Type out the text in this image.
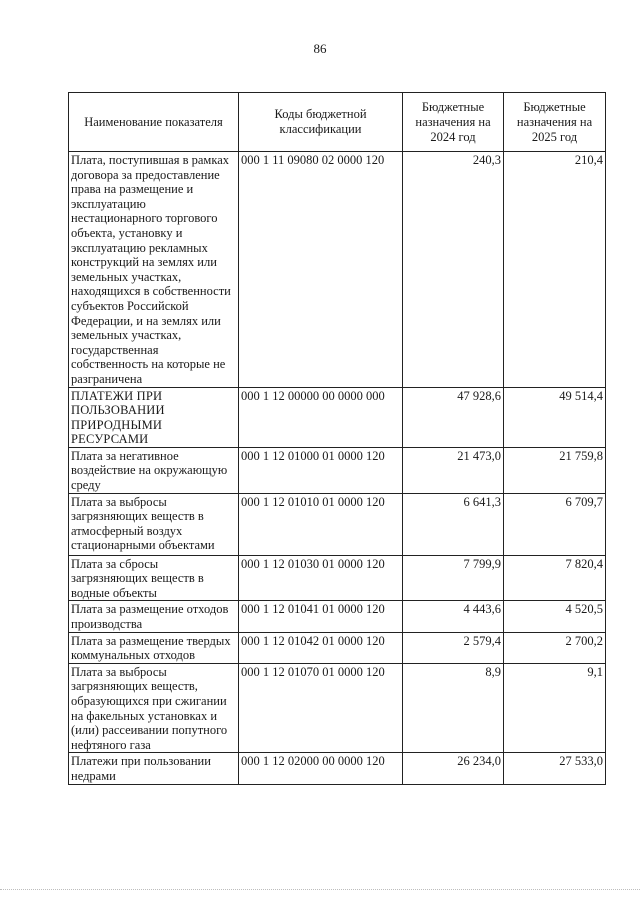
86
Наименование показателя	Коды бюджетной классификации	Бюджетные назначения на 2024 год	Бюджетные назначения на 2025 год
Плата, поступившая в рамках договора за предоставление права на размещение и эксплуатацию нестационарного торгового объекта, установку и эксплуатацию рекламных конструкций на землях или земельных участках, находящихся в собственности субъектов Российской Федерации, и на землях или земельных участках, государственная собственность на которые не разграничена	000 1 11 09080 02 0000 120	240,3	210,4
ПЛАТЕЖИ ПРИ ПОЛЬЗОВАНИИ ПРИРОДНЫМИ РЕСУРСАМИ	000 1 12 00000 00 0000 000	47 928,6	49 514,4
Плата за негативное воздействие на окружающую среду	000 1 12 01000 01 0000 120	21 473,0	21 759,8
Плата за выбросы загрязняющих веществ в атмосферный воздух стационарными объектами	000 1 12 01010 01 0000 120	6 641,3	6 709,7
Плата за сбросы загрязняющих веществ в водные объекты	000 1 12 01030 01 0000 120	7 799,9	7 820,4
Плата за размещение отходов производства	000 1 12 01041 01 0000 120	4 443,6	4 520,5
Плата за размещение твердых коммунальных отходов	000 1 12 01042 01 0000 120	2 579,4	2 700,2
Плата за выбросы загрязняющих веществ, образующихся при сжигании на факельных установках и (или) рассеивании попутного нефтяного газа	000 1 12 01070 01 0000 120	8,9	9,1
Платежи при пользовании недрами	000 1 12 02000 00 0000 120	26 234,0	27 533,0
